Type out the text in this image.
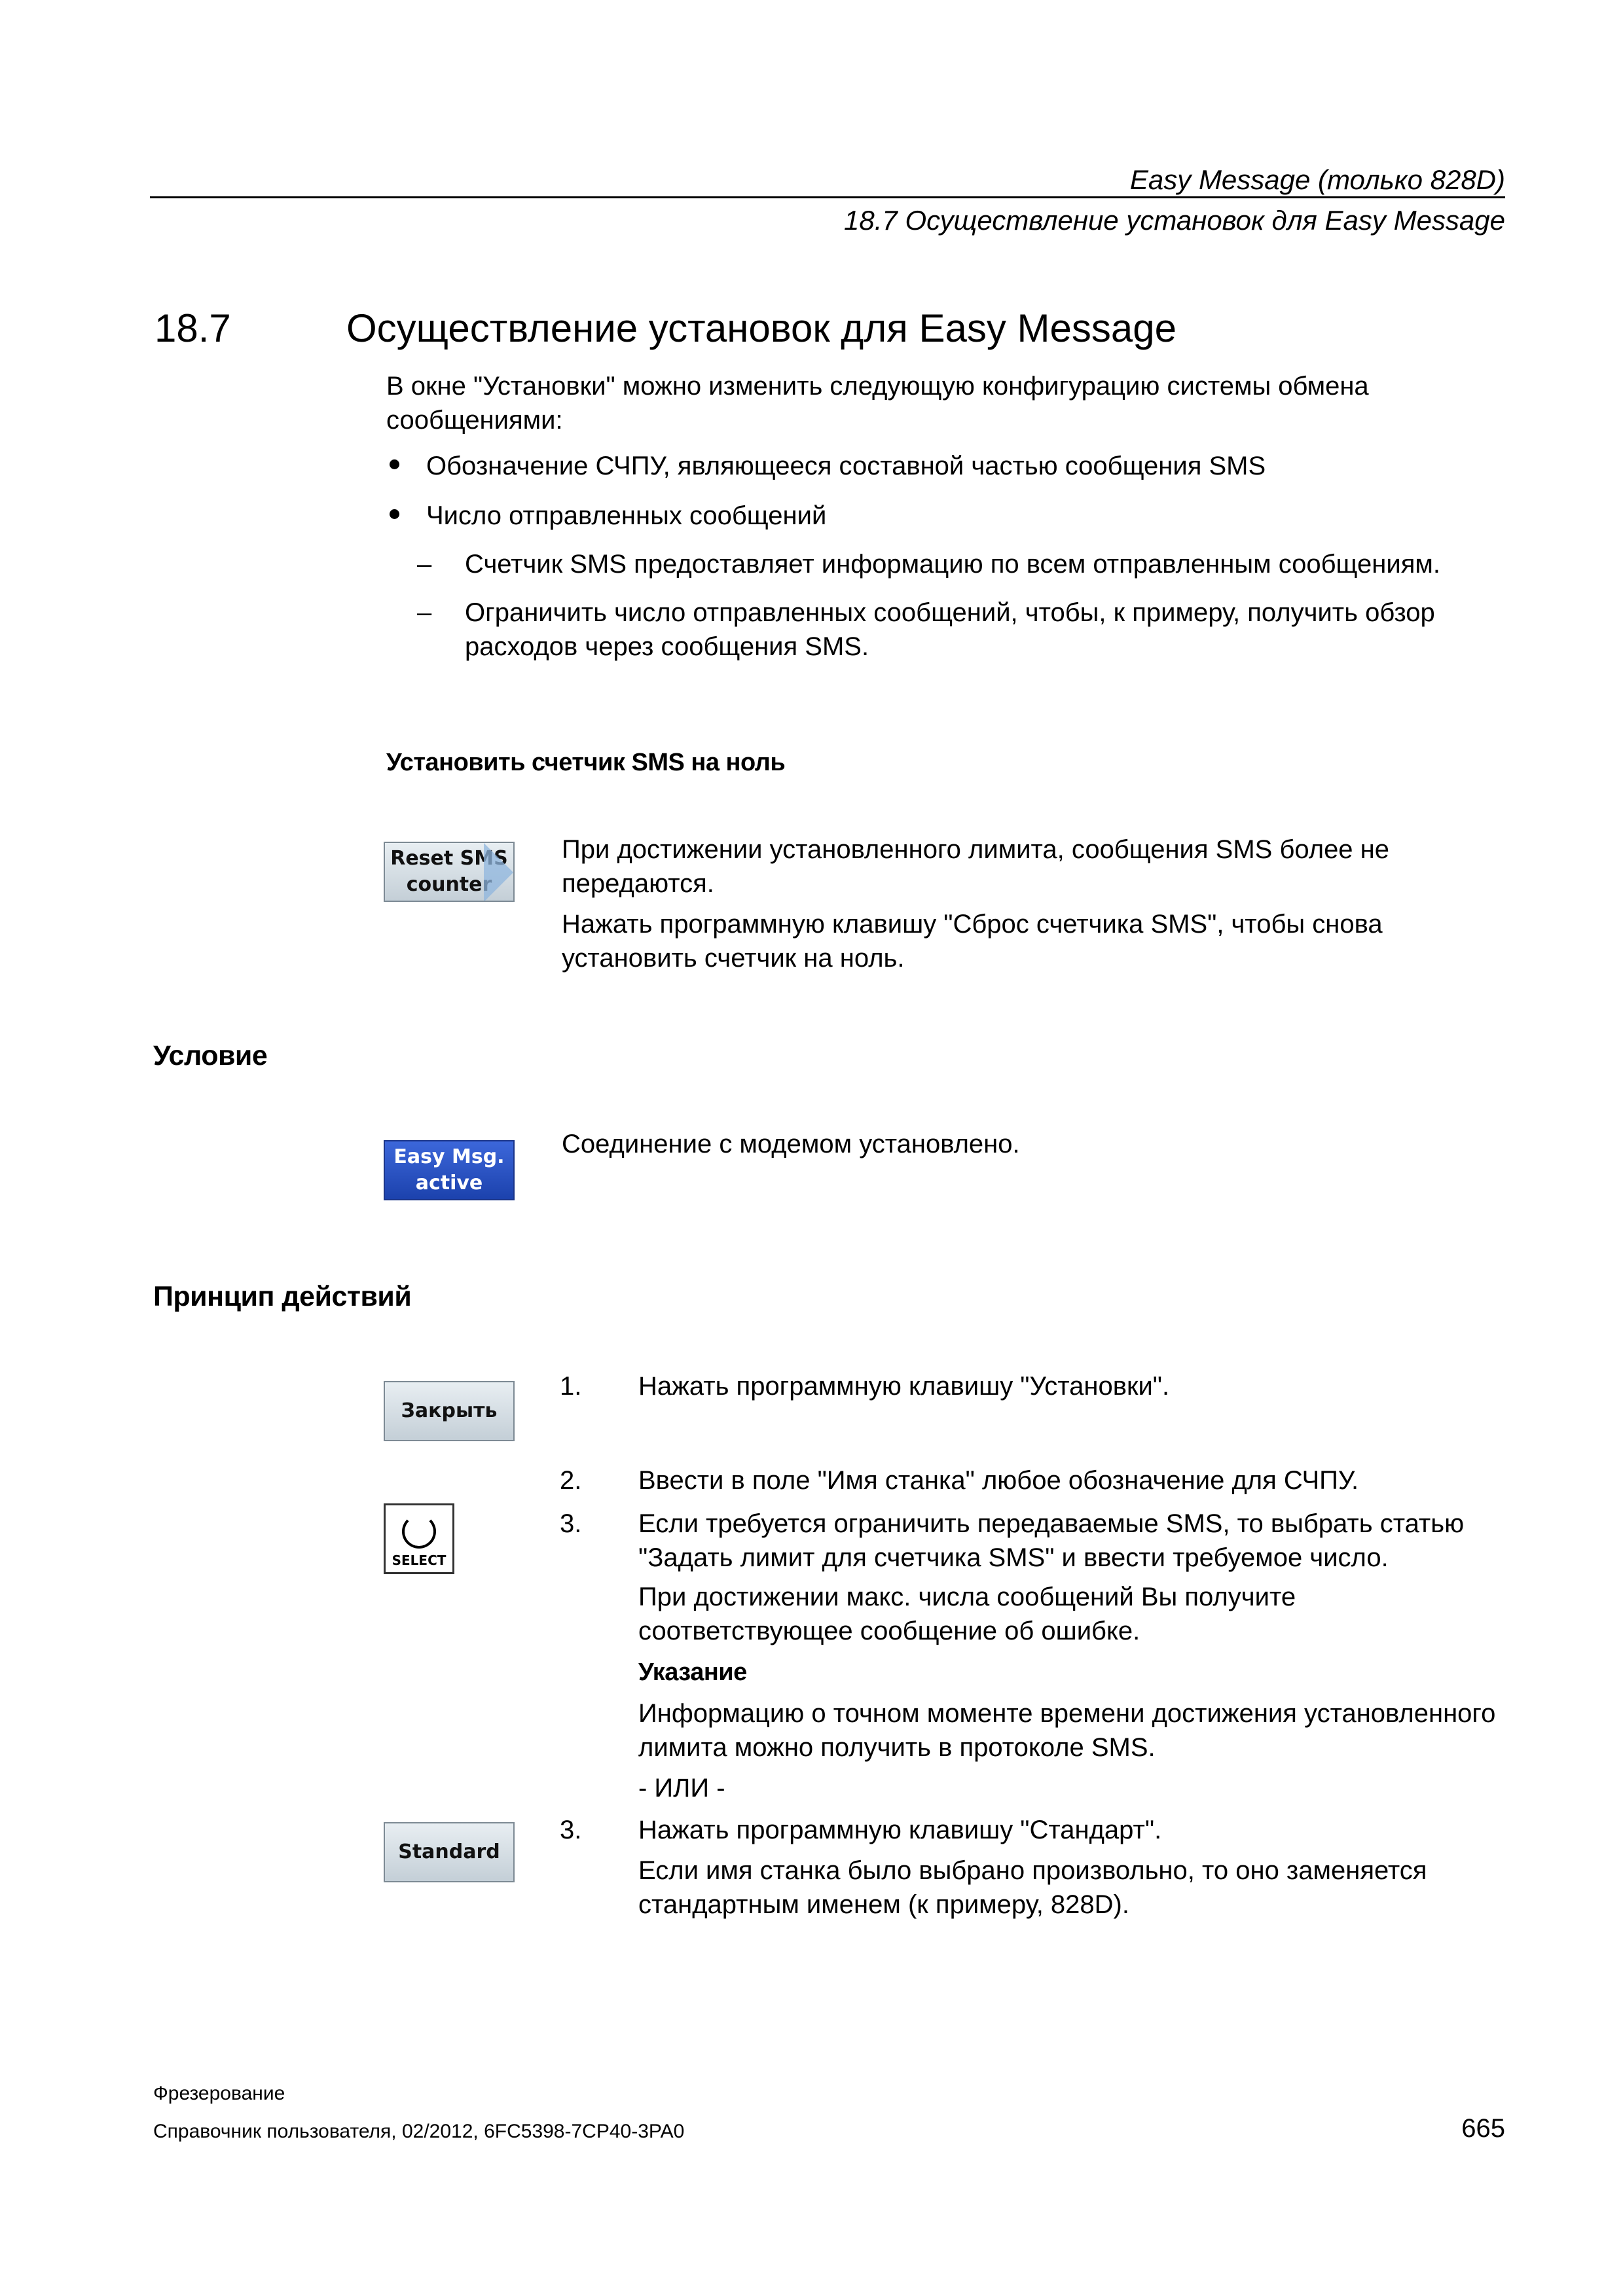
Easy Message (только 828D)
18.7 Осуществление установок для Easy Message
18.7	Осуществление установок для Easy Message
В окне "Установки" можно изменить следующую конфигурацию системы обмена сообщениями:
Обозначение СЧПУ, являющееся составной частью сообщения SMS
Число отправленных сообщений
– Счетчик SMS предоставляет информацию по всем отправленным сообщениям.
– Ограничить число отправленных сообщений, чтобы, к примеру, получить обзор расходов через сообщения SMS.
Установить счетчик SMS на ноль
Reset SMS
counter
При достижении установленного лимита, сообщения SMS более не передаются.
Нажать программную клавишу "Сброс счетчика SMS", чтобы снова установить счетчик на ноль.
Условие
Easy Msg.
active
Соединение с модемом установлено.
Принцип действий
Закрыть
1.	Нажать программную клавишу "Установки".
2.	Ввести в поле "Имя станка" любое обозначение для СЧПУ.
SELECT
3.	Если требуется ограничить передаваемые SMS, то выбрать статью "Задать лимит для счетчика SMS" и ввести требуемое число.
При достижении макс. числа сообщений Вы получите соответствующее сообщение об ошибке.
Указание
Информацию о точном моменте времени достижения установленного лимита можно получить в протоколе SMS.
- ИЛИ -
Standard
3.	Нажать программную клавишу "Стандарт".
Если имя станка было выбрано произвольно, то оно заменяется стандартным именем (к примеру, 828D).
Фрезерование
Справочник пользователя, 02/2012, 6FC5398-7CP40-3PA0	665
